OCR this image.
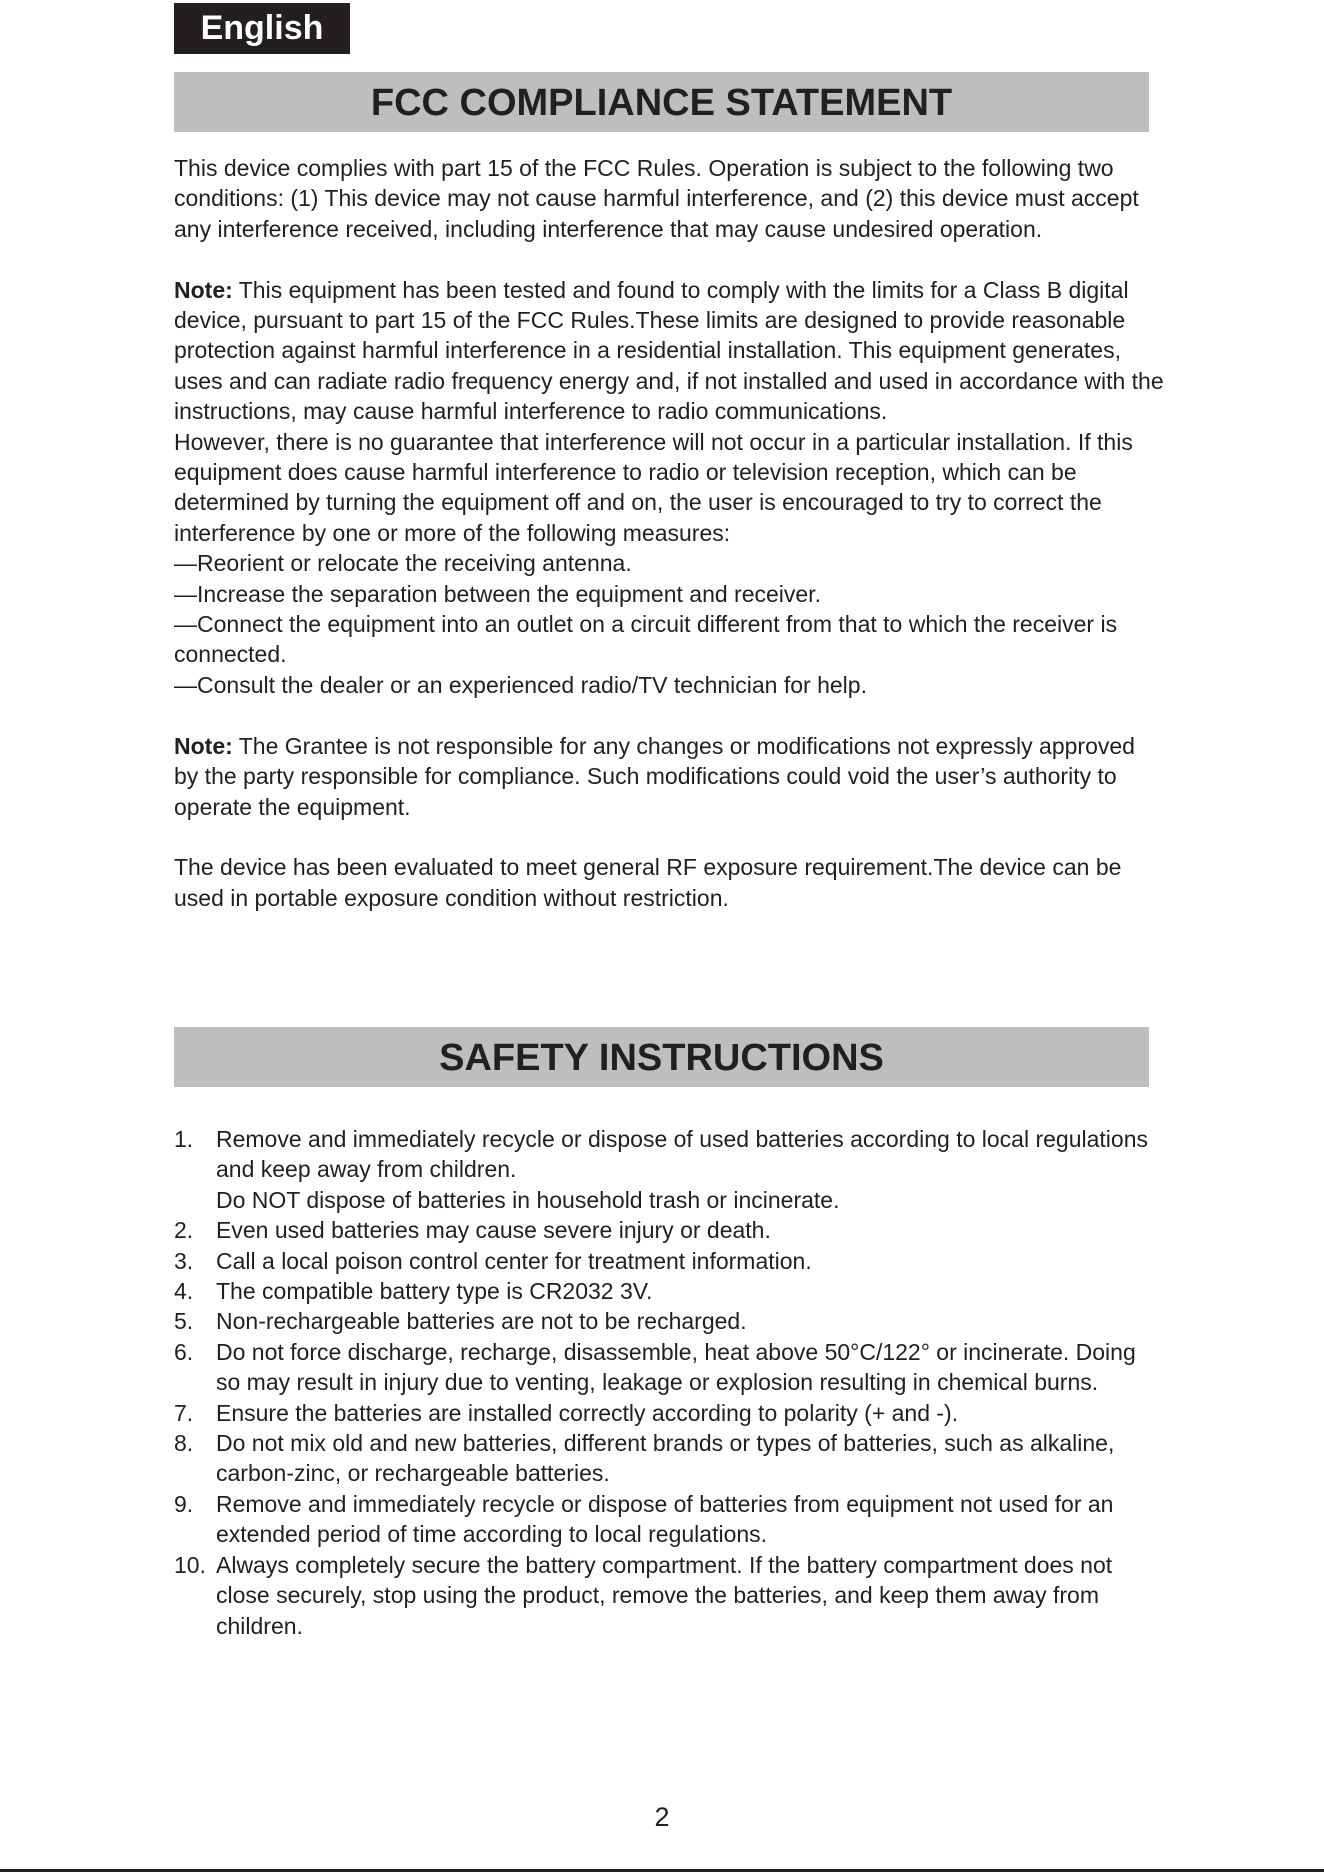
English
FCC COMPLIANCE STATEMENT

This device complies with part 15 of the FCC Rules. Operation is subject to the following two conditions: (1) This device may not cause harmful interference, and (2) this device must accept any interference received, including interference that may cause undesired operation.

Note: This equipment has been tested and found to comply with the limits for a Class B digital device, pursuant to part 15 of the FCC Rules.These limits are designed to provide reasonable protection against harmful interference in a residential installation. This equipment generates, uses and can radiate radio frequency energy and, if not installed and used in accordance with the instructions, may cause harmful interference to radio communications.

However, there is no guarantee that interference will not occur in a particular installation. If this equipment does cause harmful interference to radio or television reception, which can be determined by turning the equipment off and on, the user is encouraged to try to correct the interference by one or more of the following measures:

—Reorient or relocate the receiving antenna.

—Increase the separation between the equipment and receiver.

—Connect the equipment into an outlet on a circuit different from that to which the receiver is connected.

—Consult the dealer or an experienced radio/TV technician for help.

Note: The Grantee is not responsible for any changes or modifications not expressly approved by the party responsible for compliance. Such modifications could void the user’s authority to operate the equipment.

The device has been evaluated to meet general RF exposure requirement.The device can be used in portable exposure condition without restriction.

SAFETY INSTRUCTIONS
1. Remove and immediately recycle or dispose of used batteries according to local regulations and keep away from children.
Do NOT dispose of batteries in household trash or incinerate.
2. Even used batteries may cause severe injury or death.
3. Call a local poison control center for treatment information.
4. The compatible battery type is CR2032 3V.
5. Non-rechargeable batteries are not to be recharged.
6. Do not force discharge, recharge, disassemble, heat above 50°C/122° or incinerate. Doing so may result in injury due to venting, leakage or explosion resulting in chemical burns.
7. Ensure the batteries are installed correctly according to polarity (+ and -).
8. Do not mix old and new batteries, different brands or types of batteries, such as alkaline, carbon-zinc, or rechargeable batteries.
9. Remove and immediately recycle or dispose of batteries from equipment not used for an extended period of time according to local regulations.
10. Always completely secure the battery compartment. If the battery compartment does not close securely, stop using the product, remove the batteries, and keep them away from children.
2
